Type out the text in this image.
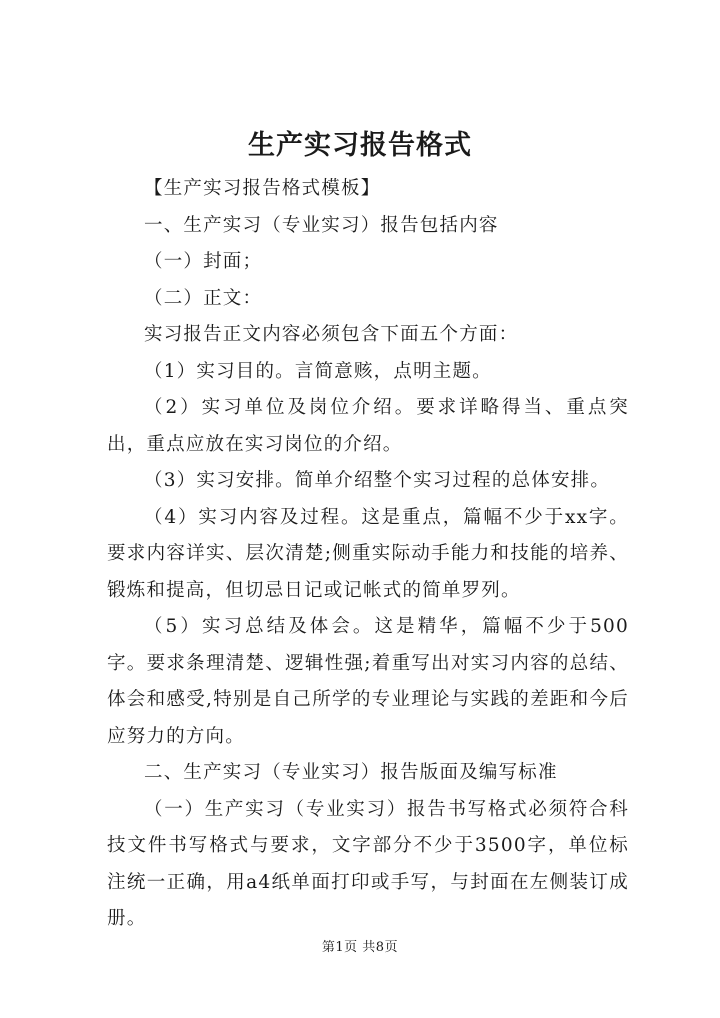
生产实习报告格式

【生产实习报告格式模板】

一、生产实习（专业实习）报告包括内容

（一）封面；

（二）正文：

实习报告正文内容必须包含下面五个方面：

（1）实习目的。言简意赅，点明主题。

（2）实习单位及岗位介绍。要求详略得当、重点突出，重点应放在实习岗位的介绍。

（3）实习安排。简单介绍整个实习过程的总体安排。

（4）实习内容及过程。这是重点，篇幅不少于xx字。要求内容详实、层次清楚;侧重实际动手能力和技能的培养、锻炼和提高，但切忌日记或记帐式的简单罗列。

（5）实习总结及体会。这是精华，篇幅不少于500字。要求条理清楚、逻辑性强;着重写出对实习内容的总结、体会和感受,特别是自己所学的专业理论与实践的差距和今后应努力的方向。

二、生产实习（专业实习）报告版面及编写标准

（一）生产实习（专业实习）报告书写格式必须符合科技文件书写格式与要求，文字部分不少于3500字，单位标注统一正确，用a4纸单面打印或手写，与封面在左侧装订成册。

第1页 共8页
